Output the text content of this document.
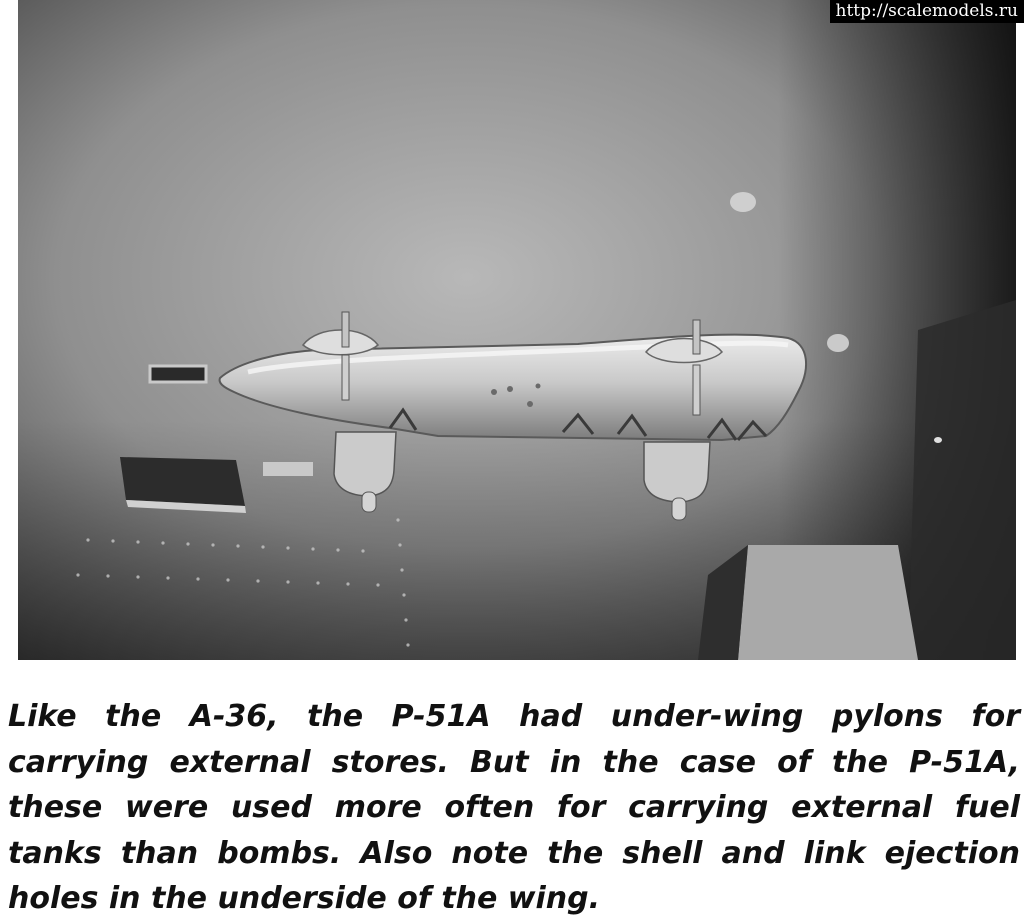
http://scalemodels.ru

Like the A-36, the P-51A had under-wing pylons for
carrying external stores. But in the case of the P-51A,
these were used more often for carrying external fuel
tanks than bombs. Also note the shell and link ejection
holes in the underside of the wing.
